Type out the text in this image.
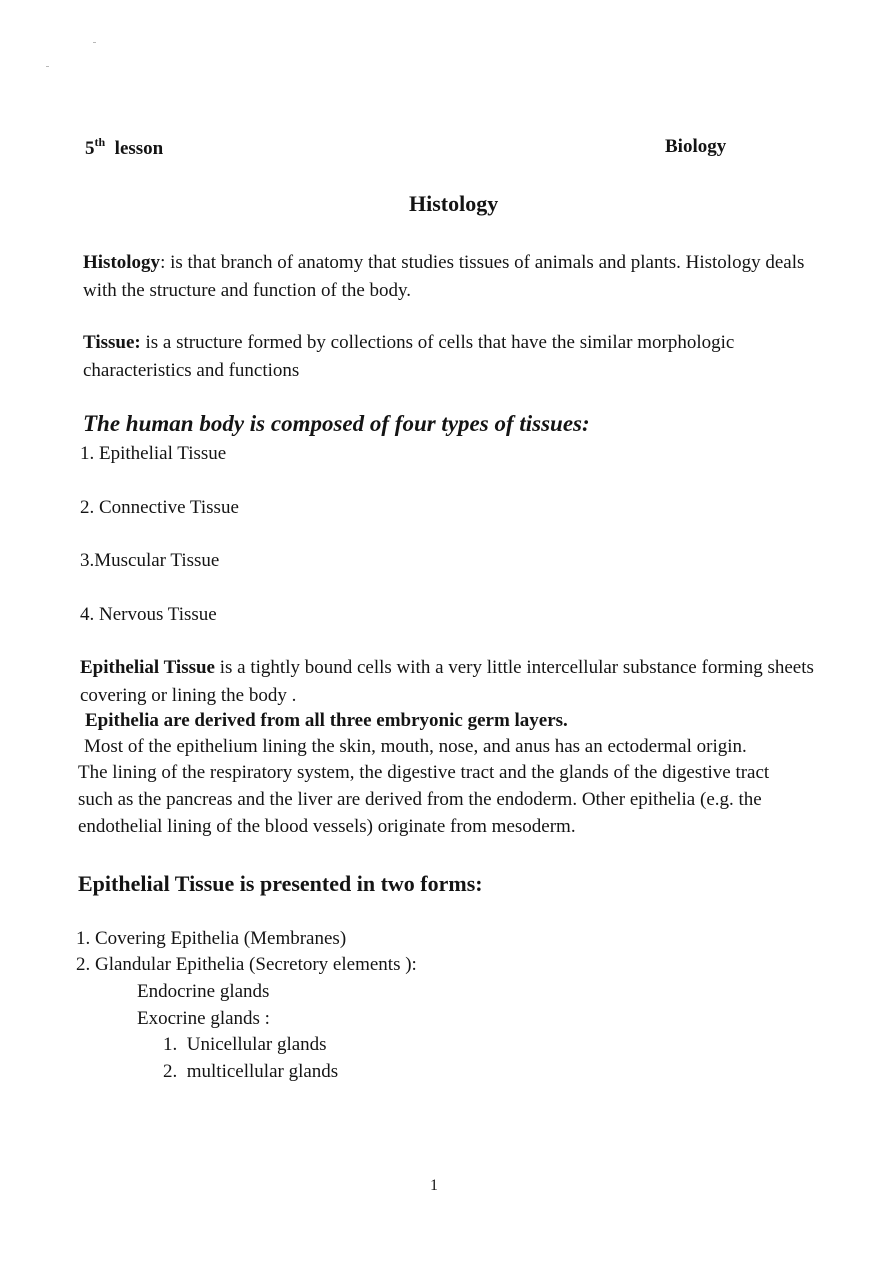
5th lesson	Biology
Histology
Histology: is that branch of anatomy that studies tissues of animals and plants. Histology deals with the structure and function of the body.
Tissue: is a structure formed by collections of cells that have the similar morphologic characteristics and functions
The human body is composed of four types of tissues:
1. Epithelial Tissue
2. Connective Tissue
3.Muscular Tissue
4. Nervous Tissue
Epithelial Tissue is a tightly bound cells with a very little intercellular substance forming sheets covering or lining the body .
Epithelia are derived from all three embryonic germ layers.
Most of the epithelium lining the skin, mouth, nose, and anus has an ectodermal origin.
The lining of the respiratory system, the digestive tract and the glands of the digestive tract
such as the pancreas and the liver are derived from the endoderm. Other epithelia (e.g. the
endothelial lining of the blood vessels) originate from mesoderm.
Epithelial Tissue is presented in two forms:
1. Covering Epithelia (Membranes)
2. Glandular Epithelia (Secretory elements ):
Endocrine glands
Exocrine glands :
1.  Unicellular glands
2.  multicellular glands
1
